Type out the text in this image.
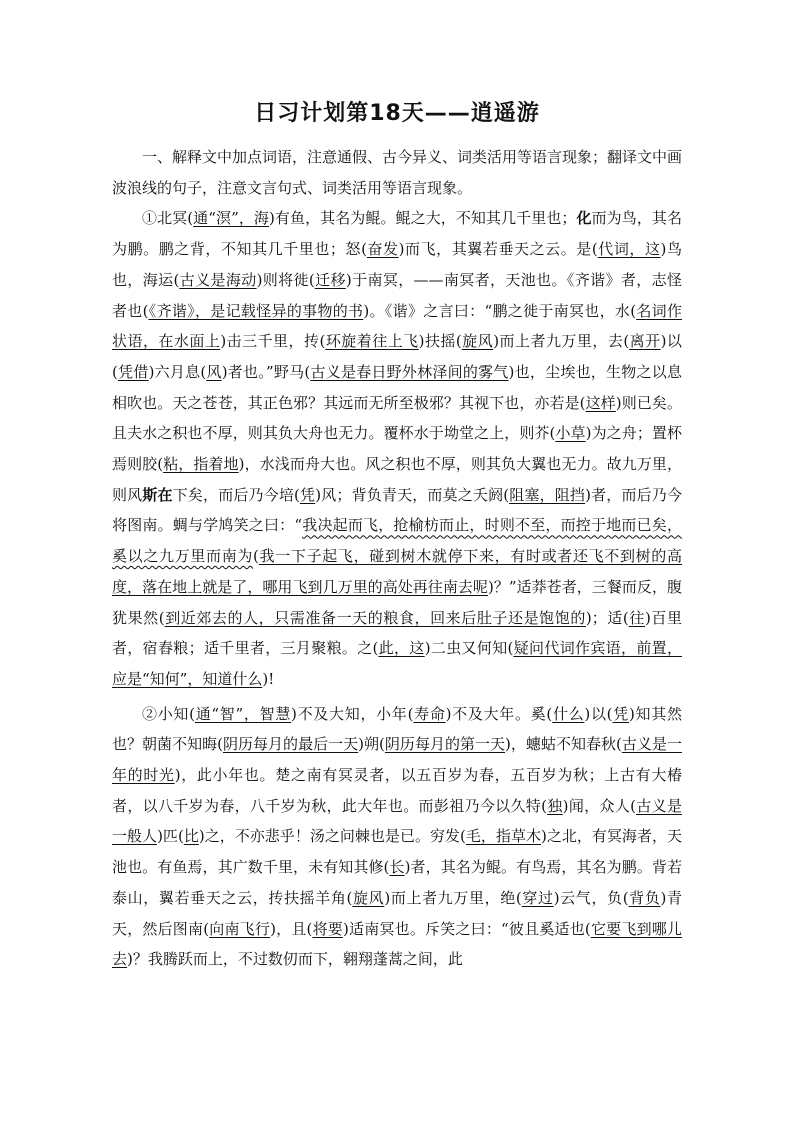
日习计划第18天——逍遥游

一、解释文中加点词语，注意通假、古今异义、词类活用等语言现象；翻译文中画波浪线的句子，注意文言句式、词类活用等语言现象。

①北冥(通“溟”，海)有鱼，其名为鲲。鲲之大，不知其几千里也；化而为鸟，其名为鹏。鹏之背，不知其几千里也；怒(奋发)而飞，其翼若垂天之云。是(代词，这)鸟也，海运(古义是海动)则将徙(迁移)于南冥，——南冥者，天池也。《齐谐》者，志怪者也(《齐谐》，是记载怪异的事物的书)。《谐》之言曰：“鹏之徙于南冥也，水(名词作状语，在水面上)击三千里，抟(环旋着往上飞)扶摇(旋风)而上者九万里，去(离开)以(凭借)六月息(风)者也。”野马(古义是春日野外林泽间的雾气)也，尘埃也，生物之以息相吹也。天之苍苍，其正色邪？其远而无所至极邪？其视下也，亦若是(这样)则已矣。且夫水之积也不厚，则其负大舟也无力。覆杯水于坳堂之上，则芥(小草)为之舟；置杯焉则胶(粘，指着地)，水浅而舟大也。风之积也不厚，则其负大翼也无力。故九万里，则风斯在下矣，而后乃今培(凭)风；背负青天，而莫之夭阏(阻塞，阻挡)者，而后乃今将图南。蜩与学鸠笑之曰：“我决起而飞，抢榆枋而止，时则不至，而控于地而已矣，奚以之九万里而南为(我一下子起飞，碰到树木就停下来，有时或者还飞不到树的高度，落在地上就是了，哪用飞到几万里的高处再往南去呢)？”适莽苍者，三餐而反，腹犹果然(到近郊去的人，只需准备一天的粮食，回来后肚子还是饱饱的)；适(往)百里者，宿舂粮；适千里者，三月聚粮。之(此，这)二虫又何知(疑问代词作宾语，前置，应是“知何”，知道什么)!

②小知(通“智”，智慧)不及大知，小年(寿命)不及大年。奚(什么)以(凭)知其然也？朝菌不知晦(阴历每月的最后一天)朔(阴历每月的第一天)，蟪蛄不知春秋(古义是一年的时光)，此小年也。楚之南有冥灵者，以五百岁为春，五百岁为秋；上古有大椿者，以八千岁为春，八千岁为秋，此大年也。而彭祖乃今以久特(独)闻，众人(古义是一般人)匹(比)之，不亦悲乎！汤之问棘也是已。穷发(毛，指草木)之北，有冥海者，天池也。有鱼焉，其广数千里，未有知其修(长)者，其名为鲲。有鸟焉，其名为鹏。背若泰山，翼若垂天之云，抟扶摇羊角(旋风)而上者九万里，绝(穿过)云气，负(背负)青天，然后图南(向南飞行)，且(将要)适南冥也。斥笑之曰：“彼且奚适也(它要飞到哪儿去)？我腾跃而上，不过数仞而下，翱翔蓬蒿之间，此
